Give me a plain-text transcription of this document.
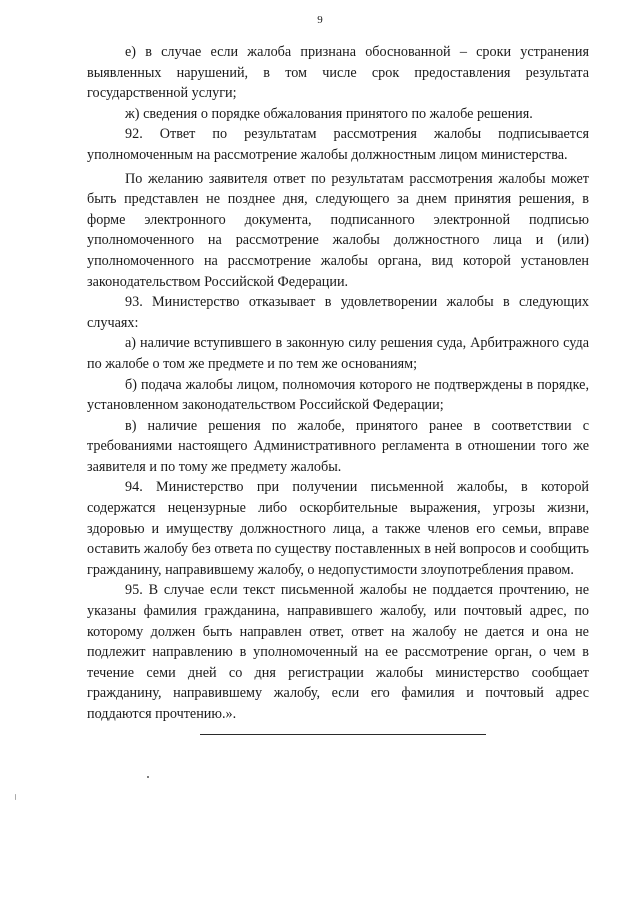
9

е) в случае если жалоба признана обоснованной – сроки устранения выявленных нарушений, в том числе срок предоставления результата государственной услуги;

ж) сведения о порядке обжалования принятого по жалобе решения.

92. Ответ по результатам рассмотрения жалобы подписывается уполномоченным на рассмотрение жалобы должностным лицом министерства.

По желанию заявителя ответ по результатам рассмотрения жалобы может быть представлен не позднее дня, следующего за днем принятия решения, в форме электронного документа, подписанного электронной подписью уполномоченного на рассмотрение жалобы должностного лица и (или) уполномоченного на рассмотрение жалобы органа, вид которой установлен законодательством Российской Федерации.

93. Министерство отказывает в удовлетворении жалобы в следующих случаях:

а) наличие вступившего в законную силу решения суда, Арбитражного суда по жалобе о том же предмете и по тем же основаниям;

б) подача жалобы лицом, полномочия которого не подтверждены в порядке, установленном законодательством Российской Федерации;

в) наличие решения по жалобе, принятого ранее в соответствии с требованиями настоящего Административного регламента в отношении того же заявителя и по тому же предмету жалобы.

94. Министерство при получении письменной жалобы, в которой содержатся нецензурные либо оскорбительные выражения, угрозы жизни, здоровью и имуществу должностного лица, а также членов его семьи, вправе оставить жалобу без ответа по существу поставленных в ней вопросов и сообщить гражданину, направившему жалобу, о недопустимости злоупотребления правом.

95. В случае если текст письменной жалобы не поддается прочтению, не указаны фамилия гражданина, направившего жалобу, или почтовый адрес, по которому должен быть направлен ответ, ответ на жалобу не дается и она не подлежит направлению в уполномоченный на ее рассмотрение орган, о чем в течение семи дней со дня регистрации жалобы министерство сообщает гражданину, направившему жалобу, если его фамилия и почтовый адрес поддаются прочтению.».
